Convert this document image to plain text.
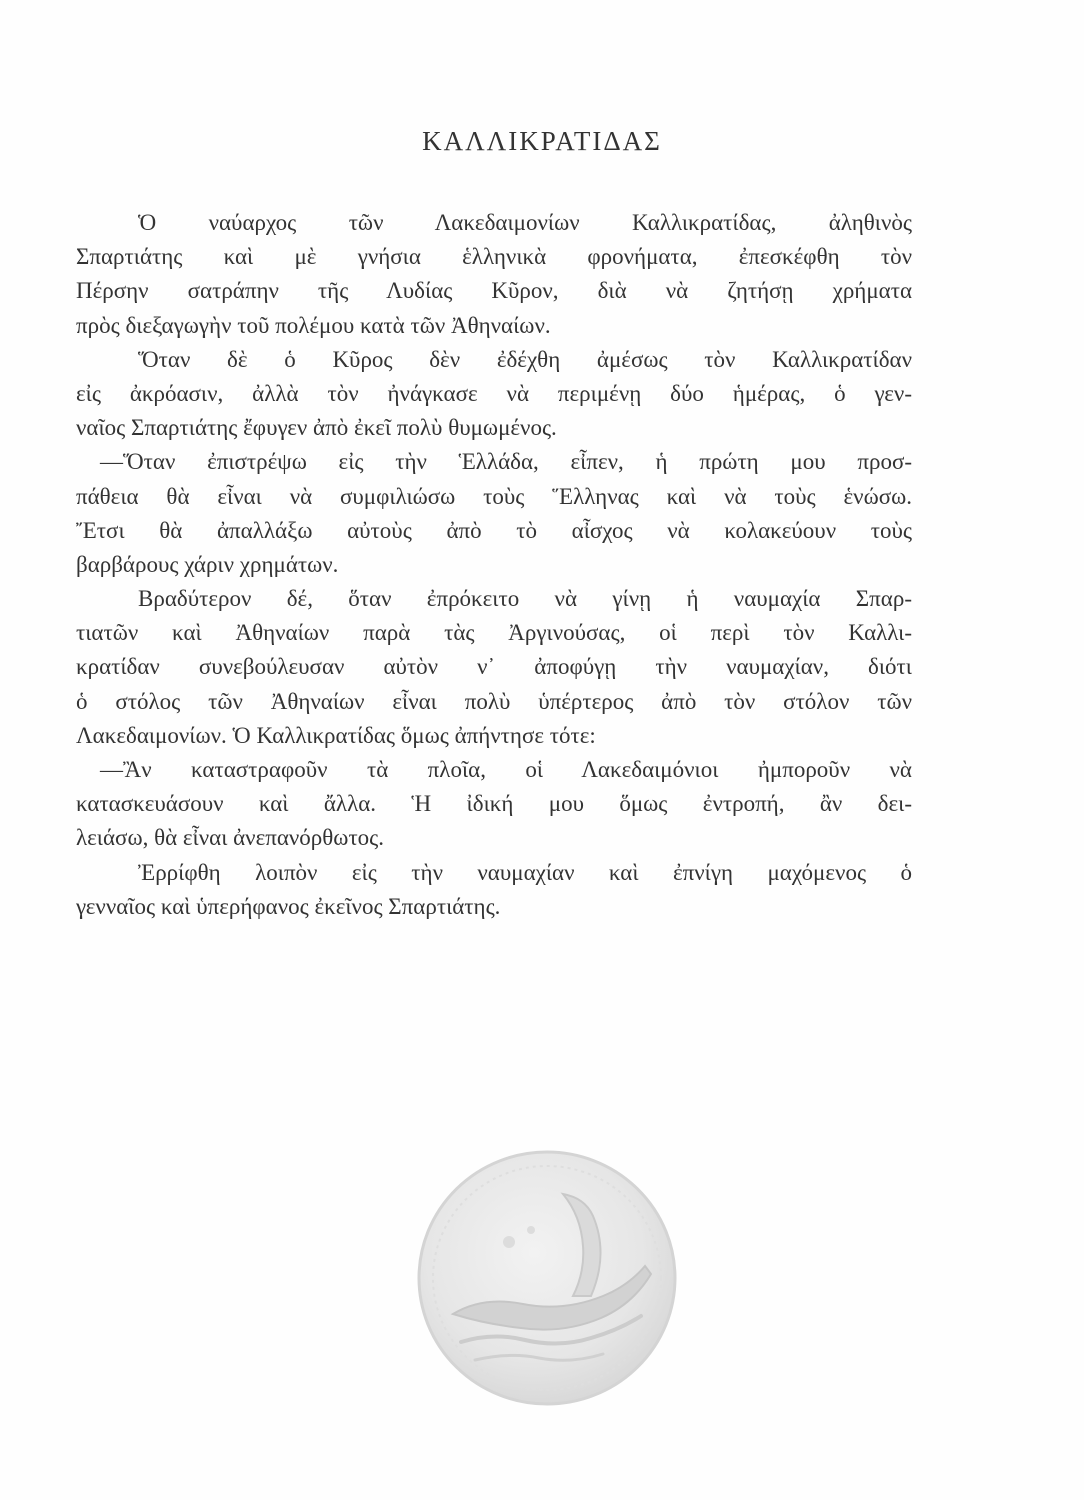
ΚΑΛΛΙΚΡΑΤΙΔΑΣ
Ὁ ναύαρχος τῶν Λακεδαιμονίων Καλλικρατίδας, ἀληθινὸς
Σπαρτιάτης καὶ μὲ γνήσια ἑλληνικὰ φρονήματα, ἐπεσκέφθη τὸν
Πέρσην σατράπην τῆς Λυδίας Κῦρον, διὰ νὰ ζητήσῃ χρήματα
πρὸς διεξαγωγὴν τοῦ πολέμου κατὰ τῶν Ἀθηναίων.
Ὅταν δὲ ὁ Κῦρος δὲν ἐδέχθη ἀμέσως τὸν Καλλικρατίδαν
εἰς ἀκρόασιν, ἀλλὰ τὸν ἠνάγκασε νὰ περιμένῃ δύο ἡμέρας, ὁ γεν-
ναῖος Σπαρτιάτης ἔφυγεν ἀπὸ ἐκεῖ πολὺ θυμωμένος.
—Ὅταν ἐπιστρέψω εἰς τὴν Ἑλλάδα, εἶπεν, ἡ πρώτη μου προσ-
πάθεια θὰ εἶναι νὰ συμφιλιώσω τοὺς Ἕλληνας καὶ νὰ τοὺς ἑνώσω.
Ἔτσι θὰ ἀπαλλάξω αὐτοὺς ἀπὸ τὸ αἶσχος νὰ κολακεύουν τοὺς
βαρβάρους χάριν χρημάτων.
Βραδύτερον δέ, ὅταν ἐπρόκειτο νὰ γίνῃ ἡ ναυμαχία Σπαρ-
τιατῶν καὶ Ἀθηναίων παρὰ τὰς Ἀργινούσας, οἱ περὶ τὸν Καλλι-
κρατίδαν συνεβούλευσαν αὐτὸν ν᾿ ἀποφύγῃ τὴν ναυμαχίαν, διότι
ὁ στόλος τῶν Ἀθηναίων εἶναι πολὺ ὑπέρτερος ἀπὸ τὸν στόλον τῶν
Λακεδαιμονίων. Ὁ Καλλικρατίδας ὅμως ἀπήντησε τότε:
—Ἂν καταστραφοῦν τὰ πλοῖα, οἱ Λακεδαιμόνιοι ἠμποροῦν νὰ
κατασκευάσουν καὶ ἄλλα. Ἡ ἰδική μου ὅμως ἐντροπή, ἂν δει-
λειάσω, θὰ εἶναι ἀνεπανόρθωτος.
Ἐρρίφθη λοιπὸν εἰς τὴν ναυμαχίαν καὶ ἐπνίγη μαχόμενος ὁ
γενναῖος καὶ ὑπερήφανος ἐκεῖνος Σπαρτιάτης.
